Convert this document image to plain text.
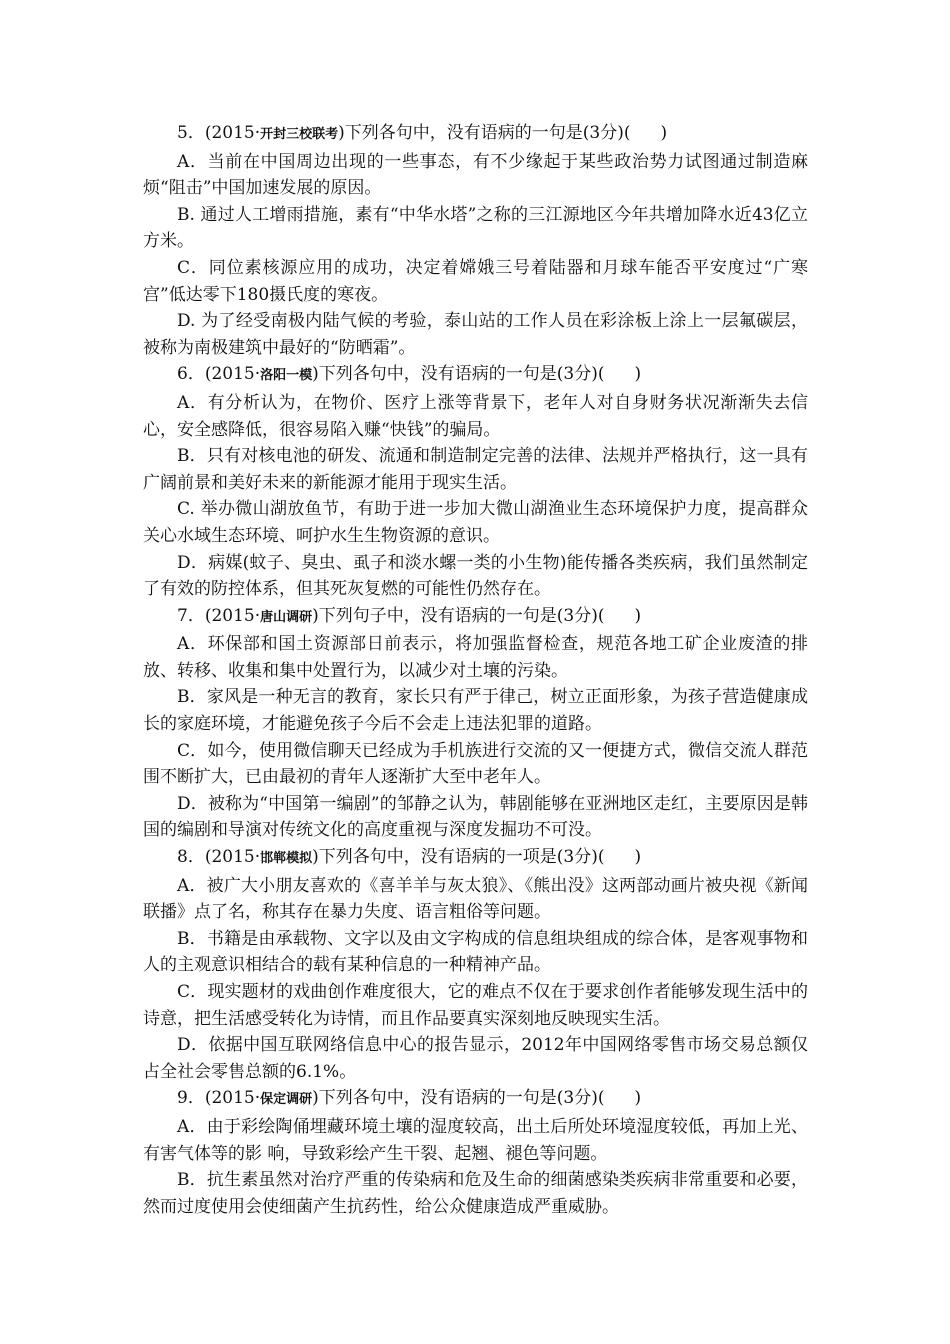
5．(2015·开封三校联考)下列各句中，没有语病的一句是(3分)( )

A．当前在中国周边出现的一些事态，有不少缘起于某些政治势力试图通过制造麻烦“阻击”中国加速发展的原因。

B. 通过人工增雨措施，素有“中华水塔”之称的三江源地区今年共增加降水近43亿立方米。

C．同位素核源应用的成功，决定着嫦娥三号着陆器和月球车能否平安度过“广寒宫”低达零下180摄氏度的寒夜。

D. 为了经受南极内陆气候的考验，泰山站的工作人员在彩涂板上涂上一层氟碳层，被称为南极建筑中最好的“防晒霜”。

6．(2015·洛阳一模)下列各句中，没有语病的一句是(3分)( )

A．有分析认为，在物价、医疗上涨等背景下，老年人对自身财务状况渐渐失去信心，安全感降低，很容易陷入赚“快钱”的骗局。

B．只有对核电池的研发、流通和制造制定完善的法律、法规并严格执行，这一具有广阔前景和美好未来的新能源才能用于现实生活。

C. 举办微山湖放鱼节，有助于进一步加大微山湖渔业生态环境保护力度，提高群众关心水域生态环境、呵护水生生物资源的意识。

D．病媒(蚊子、臭虫、虱子和淡水螺一类的小生物)能传播各类疾病，我们虽然制定了有效的防控体系，但其死灰复燃的可能性仍然存在。

7．(2015·唐山调研)下列句子中，没有语病的一句是(3分)( )

A．环保部和国土资源部日前表示，将加强监督检查，规范各地工矿企业废渣的排放、转移、收集和集中处置行为，以减少对土壤的污染。

B．家风是一种无言的教育，家长只有严于律己，树立正面形象，为孩子营造健康成长的家庭环境，才能避免孩子今后不会走上违法犯罪的道路。

C．如今，使用微信聊天已经成为手机族进行交流的又一便捷方式，微信交流人群范围不断扩大，已由最初的青年人逐渐扩大至中老年人。

D．被称为“中国第一编剧”的邹静之认为，韩剧能够在亚洲地区走红，主要原因是韩国的编剧和导演对传统文化的高度重视与深度发掘功不可没。

8．(2015·邯郸模拟)下列各句中，没有语病的一项是(3分)( )

A．被广大小朋友喜欢的《喜羊羊与灰太狼》、《熊出没》这两部动画片被央视《新闻联播》点了名，称其存在暴力失度、语言粗俗等问题。

B．书籍是由承载物、文字以及由文字构成的信息组块组成的综合体，是客观事物和人的主观意识相结合的载有某种信息的一种精神产品。

C．现实题材的戏曲创作难度很大，它的难点不仅在于要求创作者能够发现生活中的诗意，把生活感受转化为诗情，而且作品要真实深刻地反映现实生活。

D．依据中国互联网络信息中心的报告显示，2012年中国网络零售市场交易总额仅占全社会零售总额的6.1%。

9．(2015·保定调研)下列各句中，没有语病的一句是(3分)( )

A．由于彩绘陶俑埋藏环境土壤的湿度较高，出土后所处环境湿度较低，再加上光、有害气体等的影 响，导致彩绘产生干裂、起翘、褪色等问题。

B．抗生素虽然对治疗严重的传染病和危及生命的细菌感染类疾病非常重要和必要，然而过度使用会使细菌产生抗药性，给公众健康造成严重威胁。
